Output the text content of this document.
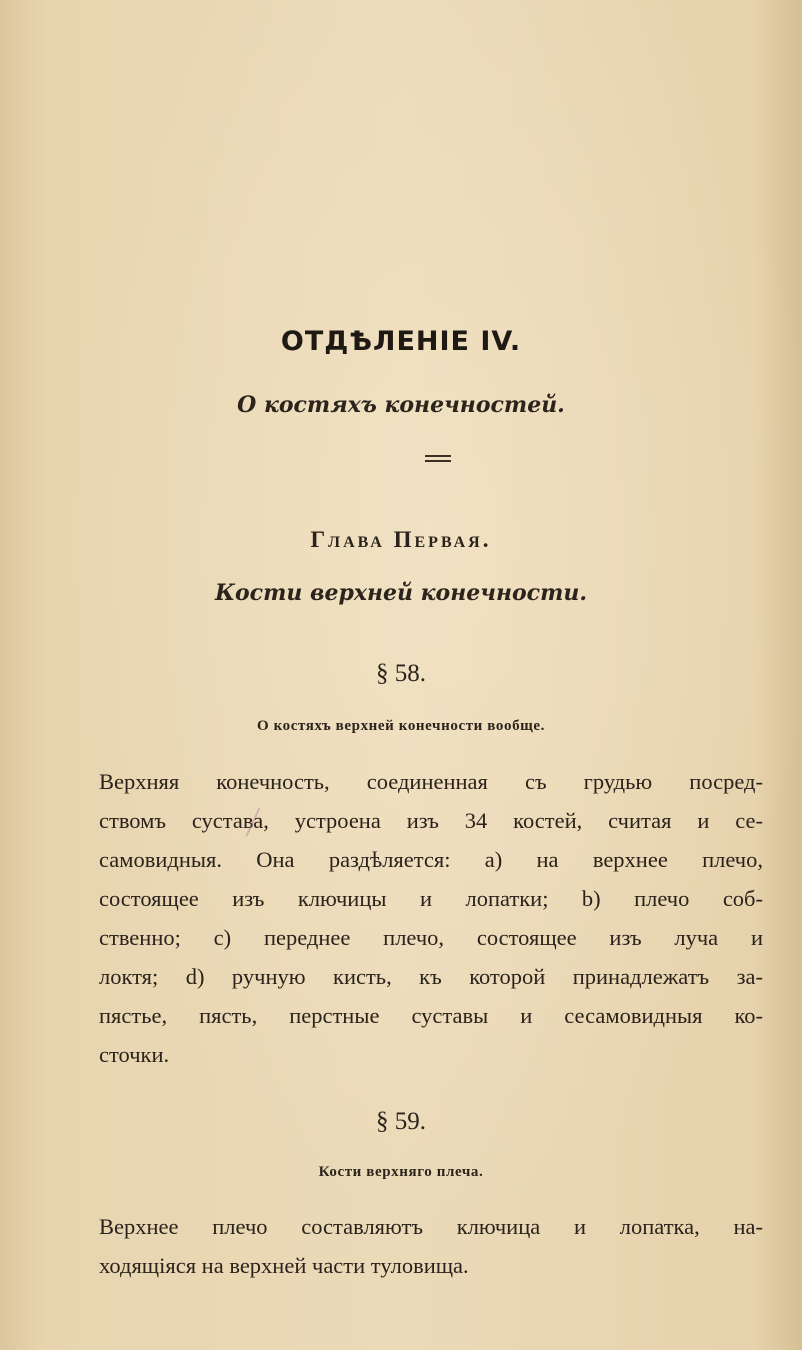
ОТДѢЛЕНІЕ IV.
О костяхъ конечностей.
Глава Первая.
Кости верхней конечности.
§ 58.
О костяхъ верхней конечности вообще.
Верхняя конечность, соединенная съ грудью посред-
ствомъ сустава, устроена изъ 34 костей, считая и се-
самовидныя. Она раздѣляется: a) на верхнее плечо,
состоящее изъ ключицы и лопатки; b) плечо соб-
ственно; c) переднее плечо, состоящее изъ луча и
локтя; d) ручную кисть, къ которой принадлежатъ за-
пястье, пясть, перстные суставы и сесамовидныя ко-
сточки.
§ 59.
Кости верхняго плеча.
Верхнее плечо составляютъ ключица и лопатка, на-
ходящіяся на верхней части туловища.
